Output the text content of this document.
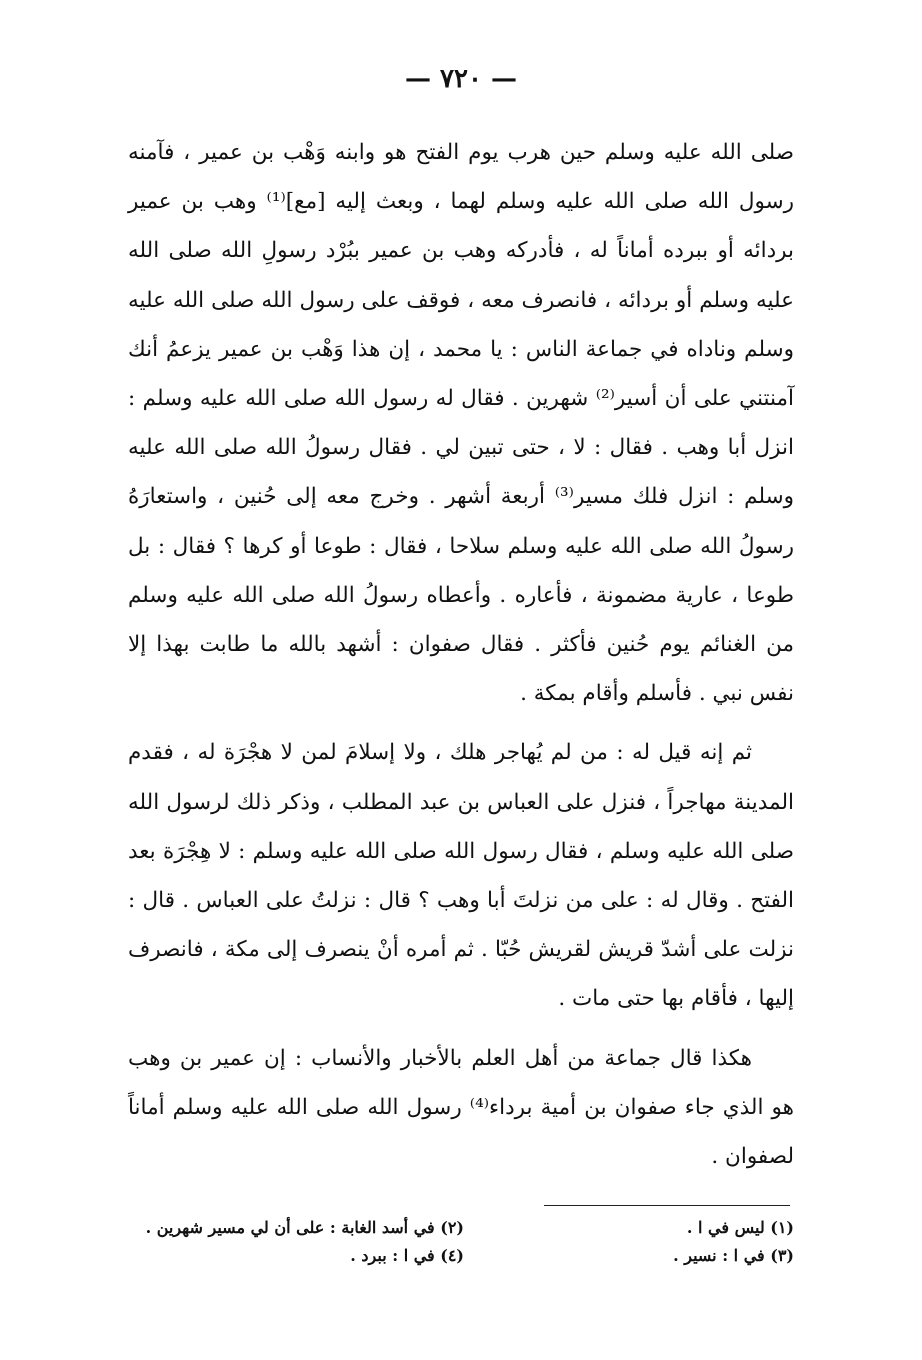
— ٧٢٠ —

صلى الله عليه وسلم حين هرب يوم الفتح هو وابنه وَهْب بن عمير ، فآمنه رسول الله صلى الله عليه وسلم لهما ، وبعث إليه [مع]⁽¹⁾ وهب بن عمير بردائه أو ببرده أماناً له ، فأدركه وهب بن عمير ببُرْد رسولِ الله صلى الله عليه وسلم أو بردائه ، فانصرف معه ، فوقف على رسول الله صلى الله عليه وسلم وناداه في جماعة الناس : يا محمد ، إن هذا وَهْب بن عمير يزعمُ أنك آمنتني على أن أسير⁽²⁾ شهرين . فقال له رسول الله صلى الله عليه وسلم : انزل أبا وهب . فقال : لا ، حتى تبين لي . فقال رسولُ الله صلى الله عليه وسلم : انزل فلك مسير⁽³⁾ أربعة أشهر . وخرج معه إلى حُنين ، واستعارَهُ رسولُ الله صلى الله عليه وسلم سلاحا ، فقال : طوعا أو كرها ؟ فقال : بل طوعا ، عارية مضمونة ، فأعاره . وأعطاه رسولُ الله صلى الله عليه وسلم من الغنائم يوم حُنين فأكثر . فقال صفوان : أشهد بالله ما طابت بهذا إلا نفس نبي . فأسلم وأقام بمكة .

ثم إنه قيل له : من لم يُهاجر هلك ، ولا إسلامَ لمن لا هجْرَة له ، فقدم المدينة مهاجراً ، فنزل على العباس بن عبد المطلب ، وذكر ذلك لرسول الله صلى الله عليه وسلم ، فقال رسول الله صلى الله عليه وسلم : لا هِجْرَة بعد الفتح . وقال له : على من نزلتَ أبا وهب ؟ قال : نزلتُ على العباس . قال : نزلت على أشدّ قريش لقريش حُبّا . ثم أمره أنْ ينصرف إلى مكة ، فانصرف إليها ، فأقام بها حتى مات .

هكذا قال جماعة من أهل العلم بالأخبار والأنساب : إن عمير بن وهب هو الذي جاء صفوان بن أمية برداء⁽⁴⁾ رسول الله صلى الله عليه وسلم أماناً لصفوان .

(١) ليس في ا .
(٢) في أسد الغابة : على أن لي مسير شهرين .
(٣) في ا : نسير .
(٤) في ا : ببرد .
